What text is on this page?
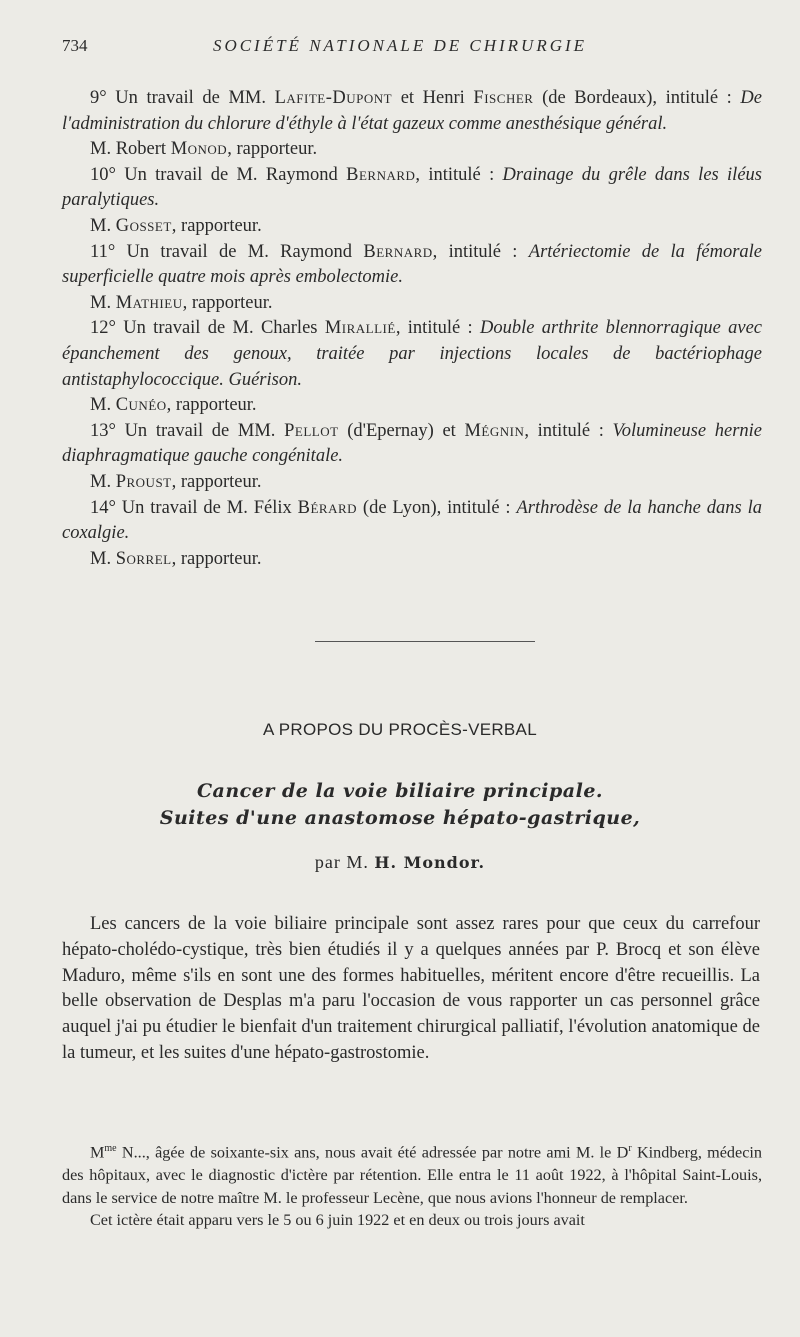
734	SOCIÉTÉ NATIONALE DE CHIRURGIE

9° Un travail de MM. Lafite-Dupont et Henri Fischer (de Bordeaux), intitulé : De l'administration du chlorure d'éthyle à l'état gazeux comme anesthésique général.

M. Robert Monod, rapporteur.

10° Un travail de M. Raymond Bernard, intitulé : Drainage du grêle dans les iléus paralytiques.

M. Gosset, rapporteur.

11° Un travail de M. Raymond Bernard, intitulé : Artériectomie de la fémorale superficielle quatre mois après embolectomie.

M. Mathieu, rapporteur.

12° Un travail de M. Charles Mirallié, intitulé : Double arthrite blennorragique avec épanchement des genoux, traitée par injections locales de bactériophage antistaphylococcique. Guérison.

M. Cunéo, rapporteur.

13° Un travail de MM. Pellot (d'Epernay) et Mégnin, intitulé : Volumineuse hernie diaphragmatique gauche congénitale.

M. Proust, rapporteur.

14° Un travail de M. Félix Bérard (de Lyon), intitulé : Arthrodèse de la hanche dans la coxalgie.

M. Sorrel, rapporteur.

A PROPOS DU PROCÈS-VERBAL
Cancer de la voie biliaire principale.
Suites d'une anastomose hépato-gastrique,
par M. H. Mondor.

Les cancers de la voie biliaire principale sont assez rares pour que ceux du carrefour hépato-cholédo-cystique, très bien étudiés il y a quelques années par P. Brocq et son élève Maduro, même s'ils en sont une des formes habituelles, méritent encore d'être recueillis. La belle observation de Desplas m'a paru l'occasion de vous rapporter un cas personnel grâce auquel j'ai pu étudier le bienfait d'un traitement chirurgical palliatif, l'évolution anatomique de la tumeur, et les suites d'une hépato-gastrostomie.

$M^{me}$ N..., âgée de soixante-six ans, nous avait été adressée par notre ami M. le $D^r$ Kindberg, médecin des hôpitaux, avec le diagnostic d'ictère par rétention. Elle entra le 11 août 1922, à l'hôpital Saint-Louis, dans le service de notre maître M. le professeur Lecène, que nous avions l'honneur de remplacer.

Cet ictère était apparu vers le 5 ou 6 juin 1922 et en deux ou trois jours avait
